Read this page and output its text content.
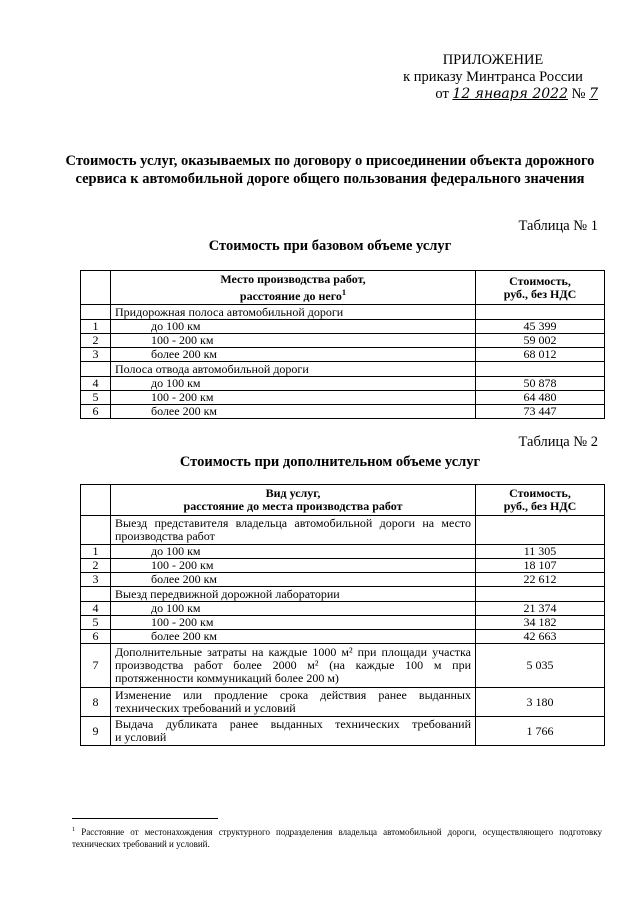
ПРИЛОЖЕНИЕ
к приказу Минтранса России
от 12 января 2022 № 7
Стоимость услуг, оказываемых по договору о присоединении объекта дорожного сервиса к автомобильной дороге общего пользования федерального значения
Таблица № 1
Стоимость при базовом объеме услуг
	Место производства работ,
расстояние до него$^1$	Стоимость,
руб., без НДС
	Придорожная полоса автомобильной дороги	
1	до 100 км	45 399
2	100 - 200 км	59 002
3	более 200 км	68 012
	Полоса отвода автомобильной дороги	
4	до 100 км	50 878
5	100 - 200 км	64 480
6	более 200 км	73 447
Таблица № 2
Стоимость при дополнительном объеме услуг
	Вид услуг,
расстояние до места производства работ	Стоимость,
руб., без НДС

	Выезд представителя владельца автомобильной дороги на место
производства работ	

1	до 100 км	11 305
2	100 - 200 км	18 107
3	более 200 км	22 612
	Выезд передвижной дорожной лаборатории	
4	до 100 км	21 374
5	100 - 200 км	34 182
6	более 200 км	42 663
7	Дополнительные затраты на каждые 1000 м² при площади участка
производства работ более 2000 м² (на каждые 100 м при
протяженности коммуникаций более 200 м)	5 035
8	Изменение или продление срока действия ранее выданных
технических требований и условий	3 180
9	Выдача дубликата ранее выданных технических требований
и условий	1 766
$^1$ Расстояние от местонахождения структурного подразделения владельца автомобильной дороги, осуществляющего подготовку технических требований и условий.
